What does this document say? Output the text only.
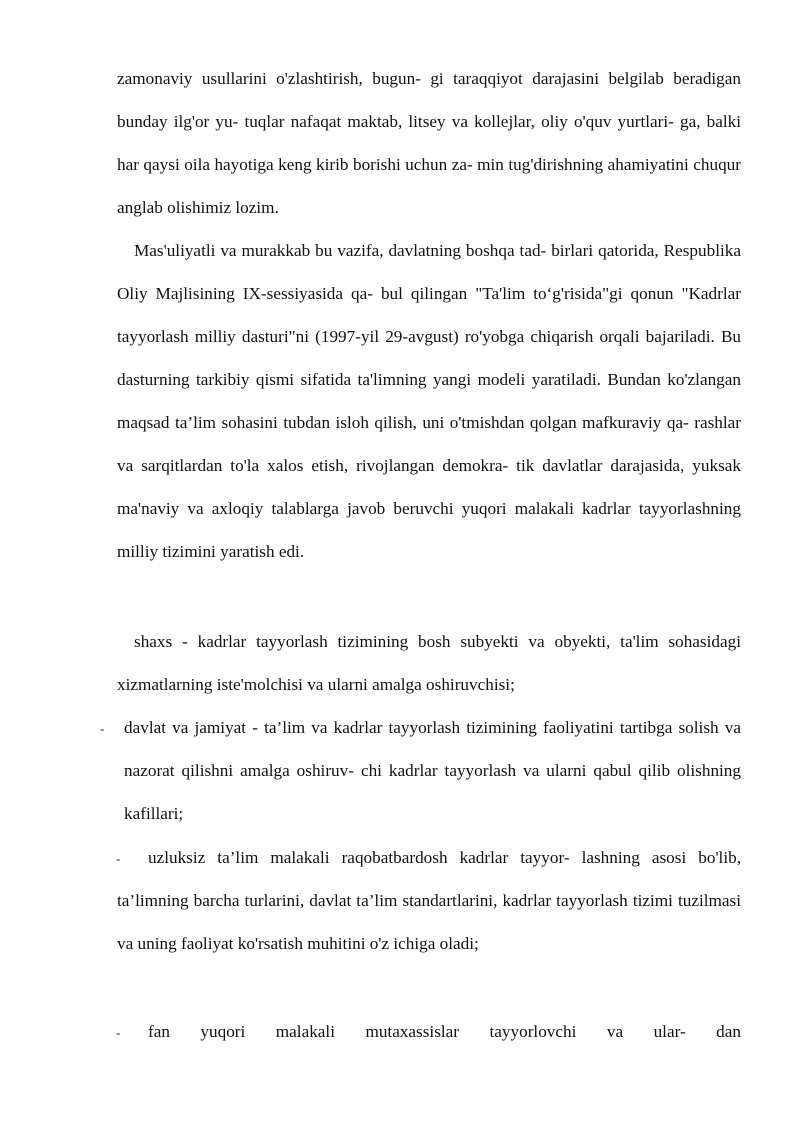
zamonaviy usullarini o'zlashtirish, bugun- gi taraqqiyot darajasini belgilab beradigan bunday ilg'or yu- tuqlar nafaqat maktab, litsey va kollejlar, oliy o'quv yurtlari- ga, balki har qaysi oila hayotiga keng kirib borishi uchun za- min tug'dirishning ahamiyatini chuqur anglab olishimiz lozim.

Mas'uliyatli va murakkab bu vazifa, davlatning boshqa tad- birlari qatorida, Respublika Oliy Majlisining IX-sessiyasida qa- bul qilingan "Ta'lim to‘g'risida"gi qonun "Kadrlar tayyorlash milliy dasturi"ni (1997-yil 29-avgust) ro'yobga chiqarish orqali bajariladi. Bu dasturning tarkibiy qismi sifatida ta'limning yangi modeli yaratiladi. Bundan ko'zlangan maqsad ta’lim sohasini tubdan isloh qilish, uni o'tmishdan qolgan mafkuraviy qa- rashlar va sarqitlardan to'la xalos etish, rivojlangan demokra- tik davlatlar darajasida, yuksak ma'naviy va axloqiy talablarga javob beruvchi yuqori malakali kadrlar tayyorlashning milliy tizimini yaratish edi.

shaxs - kadrlar tayyorlash tizimining bosh subyekti va obyekti, ta'lim sohasidagi xizmatlarning iste'molchisi va ularni amalga oshiruvchisi;

- davlat va jamiyat - ta’lim va kadrlar tayyorlash tizimining faoliyatini tartibga solish va nazorat qilishni amalga oshiruv- chi kadrlar tayyorlash va ularni qabul qilib olishning kafillari;

-	uzluksiz ta’lim malakali raqobatbardosh kadrlar tayyor- lashning asosi bo'lib, ta’limning barcha turlarini, davlat ta’lim standartlarini, kadrlar tayyorlash tizimi tuzilmasi va uning faoliyat ko'rsatish muhitini o'z ichiga oladi;

-	fan yuqori malakali mutaxassislar tayyorlovchi va ular- dan
